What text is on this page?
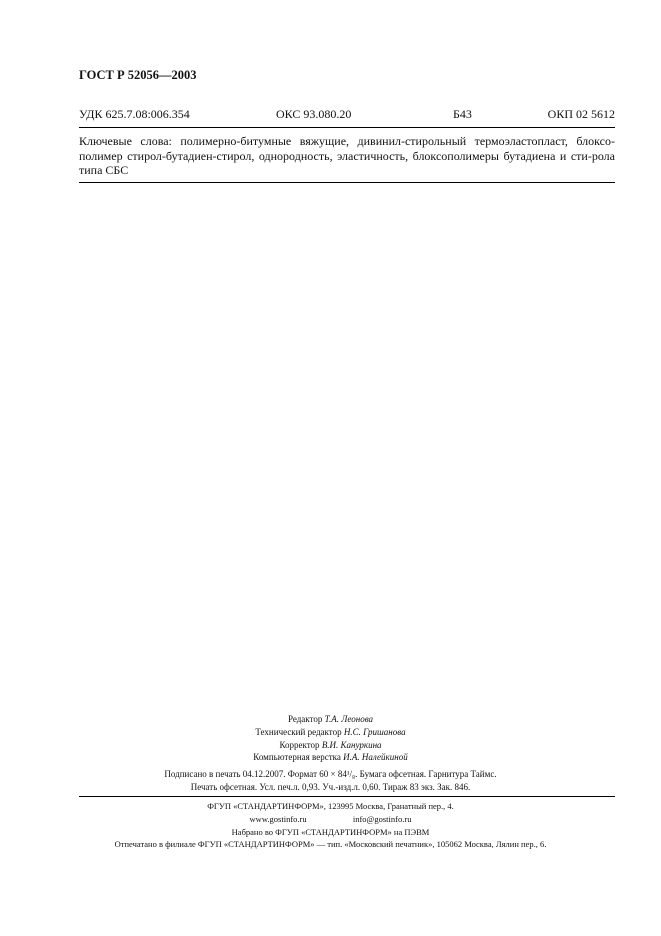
ГОСТ Р 52056—2003
УДК 625.7.08:006.354	ОКС 93.080.20	Б43	ОКП 02 5612
Ключевые слова: полимерно-битумные вяжущие, дивинил-стирольный термоэластопласт, блоксо-полимер стирол-бутадиен-стирол, однородность, эластичность, блоксополимеры бутадиена и сти-рола типа СБС
Редактор Т.А. Леонова
Технический редактор Н.С. Гришанова
Корректор В.И. Кануркина
Компьютерная верстка И.А. Налейкиной
Подписано в печать 04.12.2007. Формат 60 × 84¹/₈. Бумага офсетная. Гарнитура Таймс.
Печать офсетная. Усл. печ.л. 0,93. Уч.-изд.л. 0,60. Тираж 83 экз. Зак. 846.
ФГУП «СТАНДАРТИНФОРМ», 123995 Москва, Гранатный пер., 4.
www.gostinfo.ru	info@gostinfo.ru
Набрано во ФГУП «СТАНДАРТИНФОРМ» на ПЭВМ
Отпечатано в филиале ФГУП «СТАНДАРТИНФОРМ» — тип. «Московский печатник», 105062 Москва, Лялин пер., 6.
